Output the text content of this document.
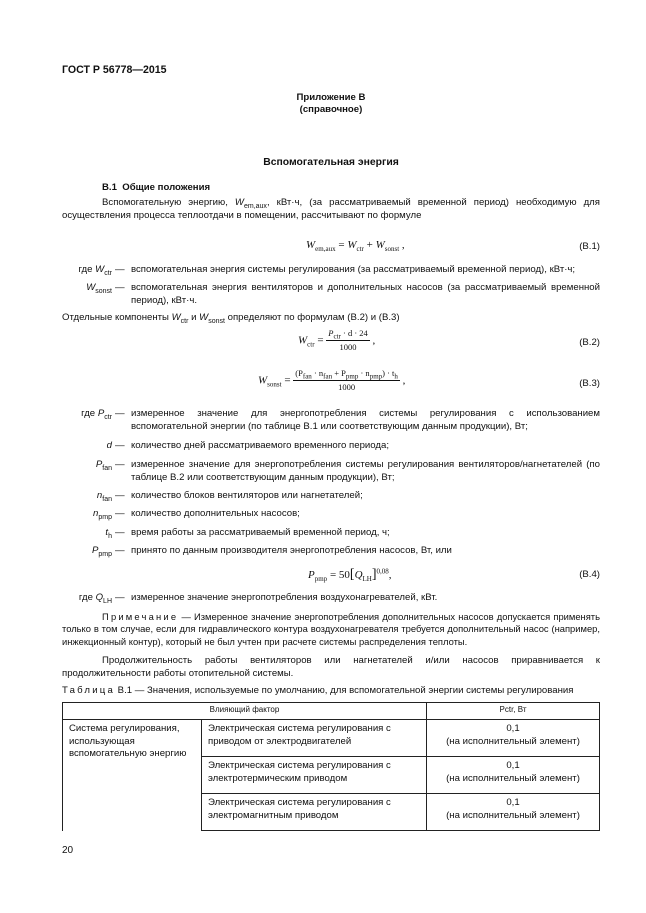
ГОСТ Р 56778—2015
Приложение В
(справочное)
Вспомогательная энергия
В.1 Общие положения
Вспомогательную энергию, $W_{em,aux}$, кВт·ч, (за рассматриваемый временной период) необходимую для осуществления процесса теплоотдачи в помещении, рассчитывают по формуле
$W_{em,aux} = W_{ctr} + W_{sonst}$ ,	(В.1)
где $W_{ctr}$ — вспомогательная энергия системы регулирования (за рассматриваемый временной период), кВт·ч;
$W_{sonst}$ — вспомогательная энергия вентиляторов и дополнительных насосов (за рассматриваемый временной период), кВт·ч.
Отдельные компоненты $W_{ctr}$ и $W_{sonst}$ определяют по формулам (В.2) и (В.3)
$W_{ctr} = \frac{P_{ctr} \cdot d \cdot 24}{1000}$ ,	(В.2)
$W_{sonst} = \frac{(P_{fan} \cdot n_{fan} + P_{pmp} \cdot n_{pmp}) \cdot t_h}{1000}$ ,	(В.3)
где $P_{ctr}$ — измеренное значение для энергопотребления системы регулирования с использованием вспомогательной энергии (по таблице В.1 или соответствующим данным продукции), Вт;
d — количество дней рассматриваемого временного периода;
$P_{fan}$ — измеренное значение для энергопотребления системы регулирования вентиляторов/нагнетателей (по таблице В.2 или соответствующим данным продукции), Вт;
$n_{fan}$ — количество блоков вентиляторов или нагнетателей;
$n_{pmp}$ — количество дополнительных насосов;
$t_h$ — время работы за рассматриваемый временной период, ч;
$P_{pmp}$ — принято по данным производителя энергопотребления насосов, Вт, или
$P_{pmp} = 50[Q_{LH}]^{0,08}$,	(В.4)
где $Q_{LH}$ — измеренное значение энергопотребления воздухонагревателей, кВт.
Примечание — Измеренное значение энергопотребления дополнительных насосов допускается применять только в том случае, если для гидравлического контура воздухонагревателя требуется дополнительный насос (например, инжекционный контур), который не был учтен при расчете системы распределения теплоты.
Продолжительность работы вентиляторов или нагнетателей и/или насосов приравнивается к продолжительности работы отопительной системы.
Таблица В.1 — Значения, используемые по умолчанию, для вспомогательной энергии системы регулирования
Влияющий фактор		Pctr, Вт
Система регулирования, использующая вспомогательную энергию	Электрическая система регулирования с приводом от электродвигателей	0,1
(на исполнительный элемент)

	Электрическая система регулирования с электротермическим приводом	0,1
(на исполнительный элемент)

	Электрическая система регулирования с электромагнитным приводом	0,1
(на исполнительный элемент)
20
